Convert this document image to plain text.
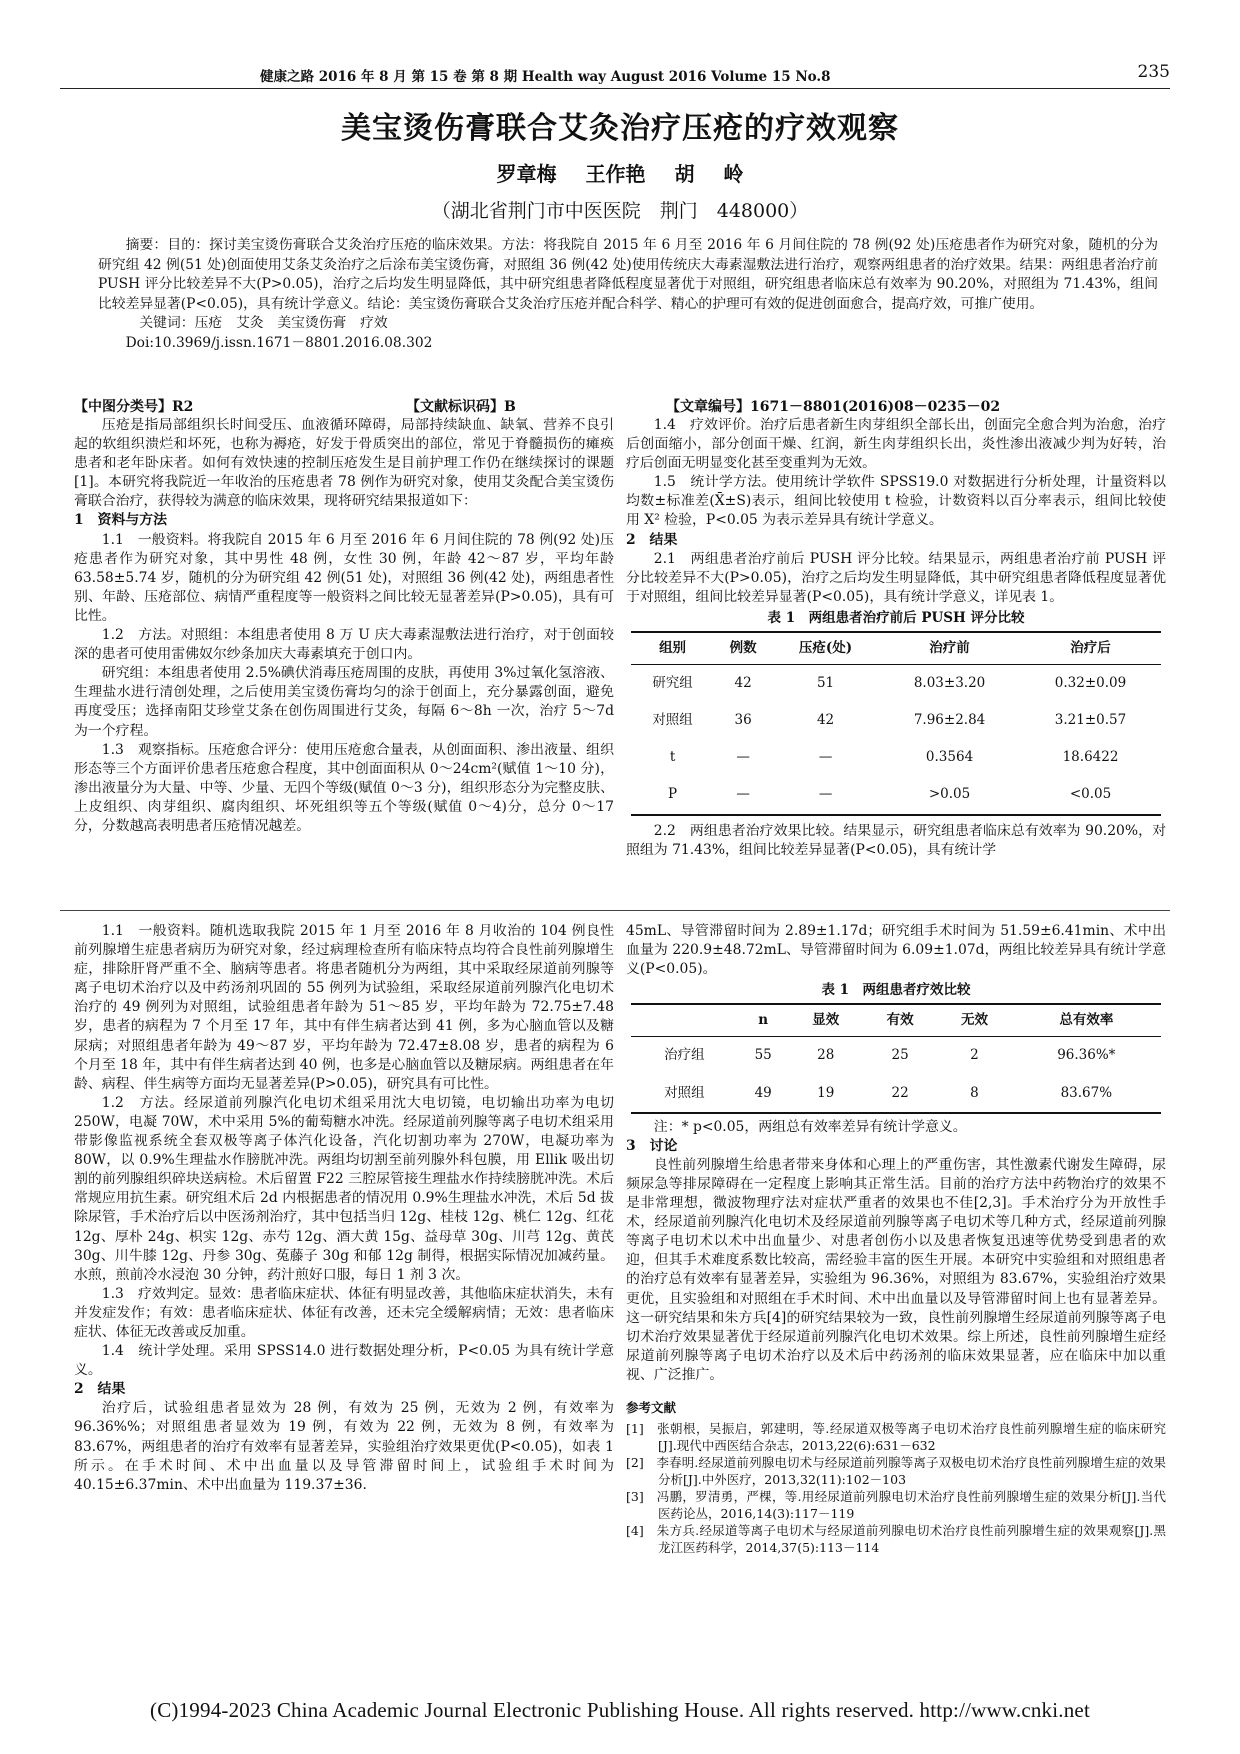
健康之路 2016 年 8 月 第 15 卷 第 8 期 Health way August 2016 Volume 15 No.8	235
美宝烫伤膏联合艾灸治疗压疮的疗效观察
罗章梅 王作艳 胡 岭
（湖北省荆门市中医医院　荆门　448000）

摘要：目的：探讨美宝烫伤膏联合艾灸治疗压疮的临床效果。方法：将我院自 2015 年 6 月至 2016 年 6 月间住院的 78 例(92 处)压疮患者作为研究对象，随机的分为研究组 42 例(51 处)创面使用艾条艾灸治疗之后涂布美宝烫伤膏，对照组 36 例(42 处)使用传统庆大毒素湿敷法进行治疗，观察两组患者的治疗效果。结果：两组患者治疗前 PUSH 评分比较差异不大(P>0.05)，治疗之后均发生明显降低，其中研究组患者降低程度显著优于对照组，研究组患者临床总有效率为 90.20%，对照组为 71.43%，组间比较差异显著(P<0.05)，具有统计学意义。结论：美宝烫伤膏联合艾灸治疗压疮并配合科学、精心的护理可有效的促进创面愈合，提高疗效，可推广使用。

关键词：压疮　艾灸　美宝烫伤膏　疗效

Doi:10.3969/j.issn.1671－8801.2016.08.302

【中图分类号】R2	【文献标识码】B	【文章编号】1671－8801(2016)08－0235－02

压疮是指局部组织长时间受压、血液循环障碍，局部持续缺血、缺氧、营养不良引起的软组织溃烂和坏死，也称为褥疮，好发于骨质突出的部位，常见于脊髓损伤的瘫痪患者和老年卧床者。如何有效快速的控制压疮发生是目前护理工作仍在继续探讨的课题[1]。本研究将我院近一年收治的压疮患者 78 例作为研究对象，使用艾灸配合美宝烫伤膏联合治疗，获得较为满意的临床效果，现将研究结果报道如下：

1　资料与方法

1.1　一般资料。将我院自 2015 年 6 月至 2016 年 6 月间住院的 78 例(92 处)压疮患者作为研究对象，其中男性 48 例，女性 30 例，年龄 42～87 岁，平均年龄 63.58±5.74 岁，随机的分为研究组 42 例(51 处)，对照组 36 例(42 处)，两组患者性别、年龄、压疮部位、病情严重程度等一般资料之间比较无显著差异(P>0.05)，具有可比性。

1.2　方法。对照组：本组患者使用 8 万 U 庆大毒素湿敷法进行治疗，对于创面较深的患者可使用雷佛奴尔纱条加庆大毒素填充于创口内。

研究组：本组患者使用 2.5%碘伏消毒压疮周围的皮肤，再使用 3%过氧化氢溶液、生理盐水进行清创处理，之后使用美宝烫伤膏均匀的涂于创面上，充分暴露创面，避免再度受压；选择南阳艾珍堂艾条在创伤周围进行艾灸，每隔 6～8h 一次，治疗 5～7d 为一个疗程。

1.3　观察指标。压疮愈合评分：使用压疮愈合量表，从创面面积、渗出液量、组织形态等三个方面评价患者压疮愈合程度，其中创面面积从 0～24cm²(赋值 1～10 分)，渗出液量分为大量、中等、少量、无四个等级(赋值 0～3 分)，组织形态分为完整皮肤、上皮组织、肉芽组织、腐肉组织、坏死组织等五个等级(赋值 0～4)分，总分 0～17 分，分数越高表明患者压疮情况越差。

1.4　疗效评价。治疗后患者新生肉芽组织全部长出，创面完全愈合判为治愈，治疗后创面缩小，部分创面干燥、红润，新生肉芽组织长出，炎性渗出液减少判为好转，治疗后创面无明显变化甚至变重判为无效。

1.5　统计学方法。使用统计学软件 SPSS19.0 对数据进行分析处理，计量资料以均数±标准差(X̄±S)表示，组间比较使用 t 检验，计数资料以百分率表示，组间比较使用 X² 检验，P<0.05 为表示差异具有统计学意义。

2　结果

2.1　两组患者治疗前后 PUSH 评分比较。结果显示，两组患者治疗前 PUSH 评分比较差异不大(P>0.05)，治疗之后均发生明显降低，其中研究组患者降低程度显著优于对照组，组间比较差异显著(P<0.05)，具有统计学意义，详见表 1。

表 1　两组患者治疗前后 PUSH 评分比较
组别	例数	压疮(处)	治疗前	治疗后
研究组	42	51	8.03±3.20	0.32±0.09
对照组	36	42	7.96±2.84	3.21±0.57
t	—	—	0.3564	18.6422
P	—	—	>0.05	<0.05

2.2　两组患者治疗效果比较。结果显示，研究组患者临床总有效率为 90.20%，对照组为 71.43%，组间比较差异显著(P<0.05)，具有统计学

1.1　一般资料。随机选取我院 2015 年 1 月至 2016 年 8 月收治的 104 例良性前列腺增生症患者病历为研究对象，经过病理检查所有临床特点均符合良性前列腺增生症，排除肝肾严重不全、脑病等患者。将患者随机分为两组，其中采取经尿道前列腺等离子电切术治疗以及中药汤剂巩固的 55 例列为试验组，采取经尿道前列腺汽化电切术治疗的 49 例列为对照组，试验组患者年龄为 51～85 岁，平均年龄为 72.75±7.48 岁，患者的病程为 7 个月至 17 年，其中有伴生病者达到 41 例，多为心脑血管以及糖尿病；对照组患者年龄为 49～87 岁，平均年龄为 72.47±8.08 岁，患者的病程为 6 个月至 18 年，其中有伴生病者达到 40 例，也多是心脑血管以及糖尿病。两组患者在年龄、病程、伴生病等方面均无显著差异(P>0.05)，研究具有可比性。

1.2　方法。经尿道前列腺汽化电切术组采用沈大电切镜，电切输出功率为电切 250W，电凝 70W，术中采用 5%的葡萄糖水冲洗。经尿道前列腺等离子电切术组采用带影像监视系统全套双极等离子体汽化设备，汽化切割功率为 270W，电凝功率为 80W，以 0.9%生理盐水作膀胱冲洗。两组均切割至前列腺外科包膜，用 Ellik 吸出切割的前列腺组织碎块送病检。术后留置 F22 三腔尿管接生理盐水作持续膀胱冲洗。术后常规应用抗生素。研究组术后 2d 内根据患者的情况用 0.9%生理盐水冲洗，术后 5d 拔除尿管，手术治疗后以中医汤剂治疗，其中包括当归 12g、桂枝 12g、桃仁 12g、红花 12g、厚朴 24g、枳实 12g、赤芍 12g、酒大黄 15g、益母草 30g、川芎 12g、黄芪 30g、川牛膝 12g、丹参 30g、菟藤子 30g 和郁 12g 制得，根据实际情况加减药量。水煎，煎前冷水浸泡 30 分钟，药汁煎好口服，每日 1 剂 3 次。

1.3　疗效判定。显效：患者临床症状、体征有明显改善，其他临床症状消失，未有并发症发作；有效：患者临床症状、体征有改善，还未完全缓解病情；无效：患者临床症状、体征无改善或反加重。

1.4　统计学处理。采用 SPSS14.0 进行数据处理分析，P<0.05 为具有统计学意义。

2　结果

治疗后，试验组患者显效为 28 例，有效为 25 例，无效为 2 例，有效率为 96.36%%；对照组患者显效为 19 例，有效为 22 例，无效为 8 例，有效率为 83.67%，两组患者的治疗有效率有显著差异，实验组治疗效果更优(P<0.05)，如表 1 所示。在手术时间、术中出血量以及导管滞留时间上，试验组手术时间为 40.15±6.37min、术中出血量为 119.37±36.

45mL、导管滞留时间为 2.89±1.17d；研究组手术时间为 51.59±6.41min、术中出血量为 220.9±48.72mL、导管滞留时间为 6.09±1.07d，两组比较差异具有统计学意义(P<0.05)。

表 1　两组患者疗效比较
	n	显效	有效	无效	总有效率
治疗组	55	28	25	2	96.36%*
对照组	49	19	22	8	83.67%

注：* p<0.05，两组总有效率差异有统计学意义。

3　讨论

良性前列腺增生给患者带来身体和心理上的严重伤害，其性激素代谢发生障碍，尿频尿急等排尿障碍在一定程度上影响其正常生活。目前的治疗方法中药物治疗的效果不是非常理想，微波物理疗法对症状严重者的效果也不佳[2,3]。手术治疗分为开放性手术，经尿道前列腺汽化电切术及经尿道前列腺等离子电切术等几种方式，经尿道前列腺等离子电切术以术中出血量少、对患者创伤小以及患者恢复迅速等优势受到患者的欢迎，但其手术难度系数比较高，需经验丰富的医生开展。本研究中实验组和对照组患者的治疗总有效率有显著差异，实验组为 96.36%，对照组为 83.67%，实验组治疗效果更优，且实验组和对照组在手术时间、术中出血量以及导管滞留时间上也有显著差异。这一研究结果和朱方兵[4]的研究结果较为一致，良性前列腺增生经尿道前列腺等离子电切术治疗效果显著优于经尿道前列腺汽化电切术效果。综上所述，良性前列腺增生症经尿道前列腺等离子电切术治疗以及术后中药汤剂的临床效果显著，应在临床中加以重视、广泛推广。

参考文献

[1]　张朝根，吴振启，郭建明，等.经尿道双极等离子电切术治疗良性前列腺增生症的临床研究[J].现代中西医结合杂志，2013,22(6):631－632

[2]　李春明.经尿道前列腺电切术与经尿道前列腺等离子双极电切术治疗良性前列腺增生症的效果分析[J].中外医疗，2013,32(11):102－103

[3]　冯鹏，罗清勇，严棵，等.用经尿道前列腺电切术治疗良性前列腺增生症的效果分析[J].当代医药论丛，2016,14(3):117－119

[4]　朱方兵.经尿道等离子电切术与经尿道前列腺电切术治疗良性前列腺增生症的效果观察[J].黑龙江医药科学，2014,37(5):113－114

(C)1994-2023 China Academic Journal Electronic Publishing House. All rights reserved. http://www.cnki.net
